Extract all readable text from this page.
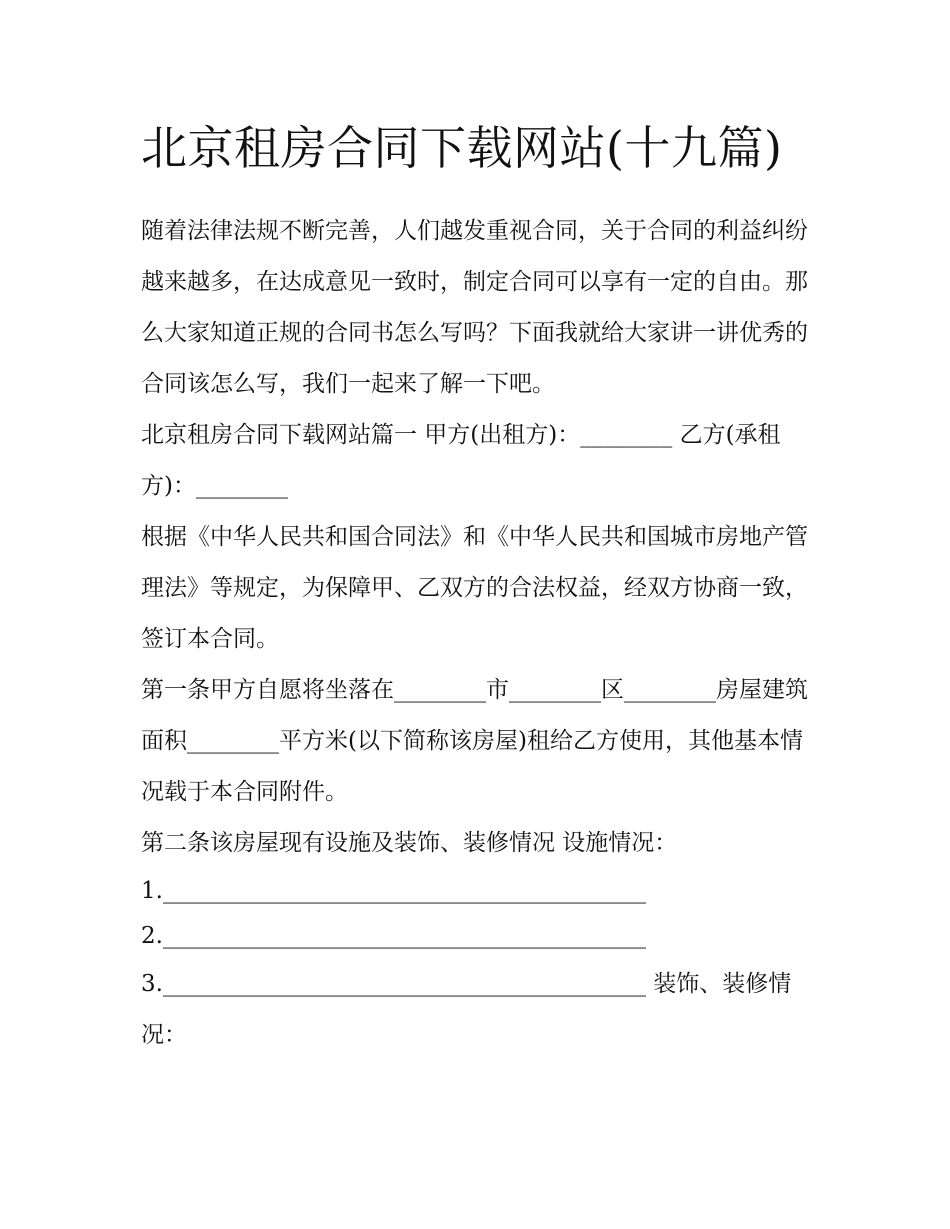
北京租房合同下载网站(十九篇)

随着法律法规不断完善，人们越发重视合同，关于合同的利益纠纷越来越多，在达成意见一致时，制定合同可以享有一定的自由。那么大家知道正规的合同书怎么写吗？下面我就给大家讲一讲优秀的合同该怎么写，我们一起来了解一下吧。

北京租房合同下载网站篇一 甲方(出租方)：________ 乙方(承租方)：________

根据《中华人民共和国合同法》和《中华人民共和国城市房地产管理法》等规定，为保障甲、乙双方的合法权益，经双方协商一致，签订本合同。

第一条甲方自愿将坐落在________市________区________房屋建筑面积________平方米(以下简称该房屋)租给乙方使用，其他基本情况载于本合同附件。

第二条该房屋现有设施及装饰、装修情况 设施情况：

1.__________________________________________

2.__________________________________________

3.__________________________________________ 装饰、装修情况：
